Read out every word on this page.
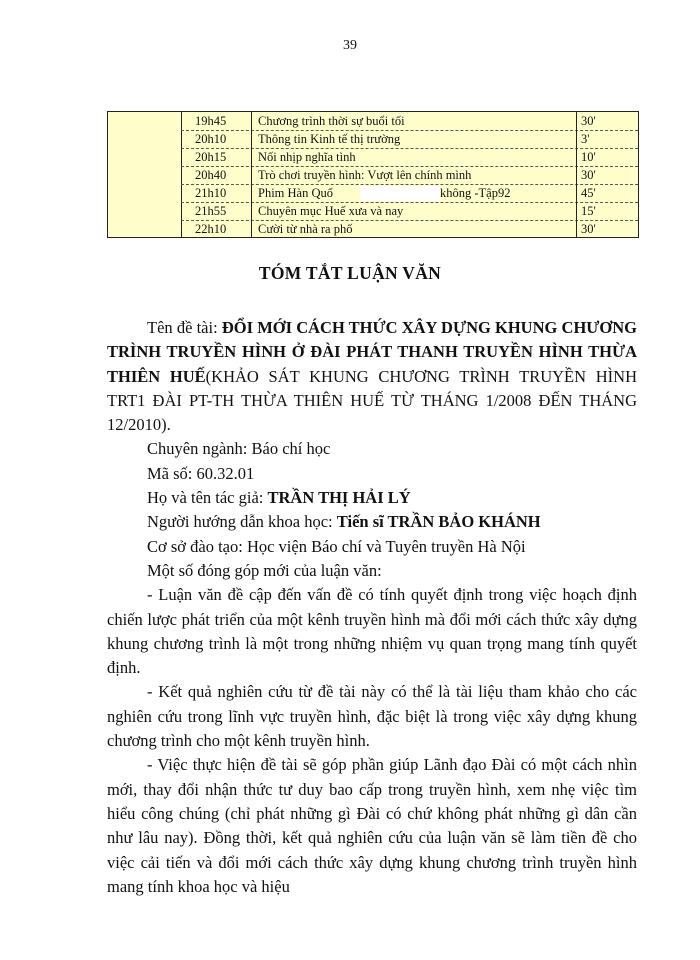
39
19h45	Chương trình thời sự buổi tối	30'
20h10	Thông tin Kinh tế thị trường	3'
20h15	Nối nhịp nghĩa tình	10'
20h40	Trò chơi truyền hình: Vượt lên chính mình	30'
21h10	Phim Hàn Quố	không -Tập92	45'
21h55	Chuyên mục Huế xưa và nay	15'
22h10	Cười từ nhà ra phố	30'
TÓM TẮT LUẬN VĂN

Tên đề tài: ĐỔI MỚI CÁCH THỨC XÂY DỰNG KHUNG CHƯƠNG TRÌNH TRUYỀN HÌNH Ở ĐÀI PHÁT THANH TRUYỀN HÌNH THỪA THIÊN HUẾ(KHẢO SÁT KHUNG CHƯƠNG TRÌNH TRUYỀN HÌNH TRT1 ĐÀI PT-TH THỪA THIÊN HUẾ TỪ THÁNG 1/2008 ĐẾN THÁNG 12/2010).

Chuyên ngành: Báo chí học

Mã số: 60.32.01

Họ và tên tác giả: TRẦN THỊ HẢI LÝ

Người hướng dẫn khoa học: Tiến sĩ TRẦN BẢO KHÁNH

Cơ sở đào tạo: Học viện Báo chí và Tuyên truyền Hà Nội

Một số đóng góp mới của luận văn:

- Luận văn đề cập đến vấn đề có tính quyết định trong việc hoạch định chiến lược phát triển của một kênh truyền hình mà đổi mới cách thức xây dựng khung chương trình là một trong những nhiệm vụ quan trọng mang tính quyết định.

- Kết quả nghiên cứu từ đề tài này có thể là tài liệu tham khảo cho các nghiên cứu trong lĩnh vực truyền hình, đặc biệt là trong việc xây dựng khung chương trình cho một kênh truyền hình.

- Việc thực hiện đề tài sẽ góp phần giúp Lãnh đạo Đài có một cách nhìn mới, thay đổi nhận thức tư duy bao cấp trong truyền hình, xem nhẹ việc tìm hiểu công chúng (chỉ phát những gì Đài có chứ không phát những gì dân cần như lâu nay). Đồng thời, kết quả nghiên cứu của luận văn sẽ làm tiền đề cho việc cải tiến và đổi mới cách thức xây dựng khung chương trình truyền hình mang tính khoa học và hiệu
